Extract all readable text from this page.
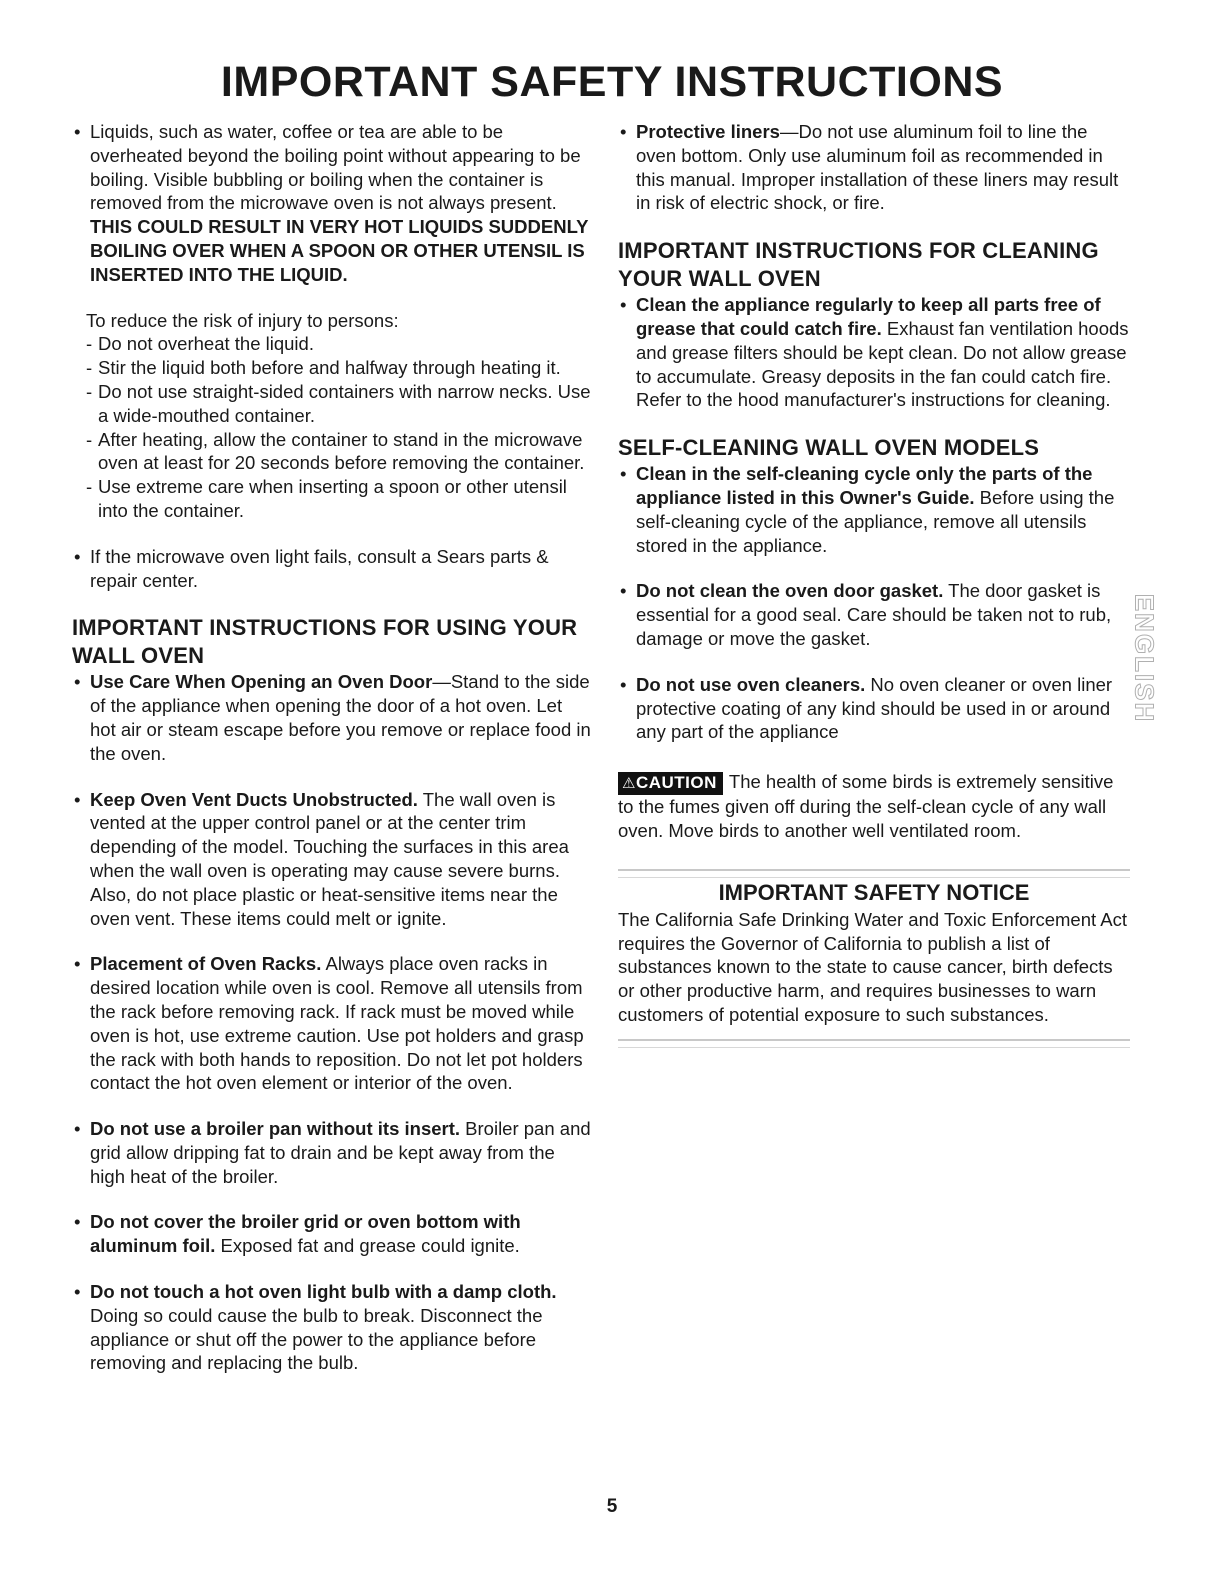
IMPORTANT SAFETY INSTRUCTIONS

• Liquids, such as water, coffee or tea are able to be overheated beyond the boiling point without appearing to be boiling. Visible bubbling or boiling when the container is removed from the microwave oven is not always present. THIS COULD RESULT IN VERY HOT LIQUIDS SUDDENLY BOILING OVER WHEN A SPOON OR OTHER UTENSIL IS INSERTED INTO THE LIQUID.

To reduce the risk of injury to persons:

- Do not overheat the liquid.

- Stir the liquid both before and halfway through heating it.

- Do not use straight-sided containers with narrow necks. Use a wide-mouthed container.

- After heating, allow the container to stand in the microwave oven at least for 20 seconds before removing the container.

- Use extreme care when inserting a spoon or other utensil into the container.

• If the microwave oven light fails, consult a Sears parts & repair center.

IMPORTANT INSTRUCTIONS FOR USING YOUR WALL OVEN

• Use Care When Opening an Oven Door—Stand to the side of the appliance when opening the door of a hot oven. Let hot air or steam escape before you remove or replace food in the oven.

• Keep Oven Vent Ducts Unobstructed. The wall oven is vented at the upper control panel or at the center trim depending of the model. Touching the surfaces in this area when the wall oven is operating may cause severe burns. Also, do not place plastic or heat-sensitive items near the oven vent. These items could melt or ignite.

• Placement of Oven Racks. Always place oven racks in desired location while oven is cool. Remove all utensils from the rack before removing rack. If rack must be moved while oven is hot, use extreme caution. Use pot holders and grasp the rack with both hands to reposition. Do not let pot holders contact the hot oven element or interior of the oven.

• Do not use a broiler pan without its insert. Broiler pan and grid allow dripping fat to drain and be kept away from the high heat of the broiler.

• Do not cover the broiler grid or oven bottom with aluminum foil. Exposed fat and grease could ignite.

• Do not touch a hot oven light bulb with a damp cloth. Doing so could cause the bulb to break. Disconnect the appliance or shut off the power to the appliance before removing and replacing the bulb.

• Protective liners—Do not use aluminum foil to line the oven bottom. Only use aluminum foil as recommended in this manual. Improper installation of these liners may result in risk of electric shock, or fire.

IMPORTANT INSTRUCTIONS FOR CLEANING YOUR WALL OVEN

• Clean the appliance regularly to keep all parts free of grease that could catch fire. Exhaust fan ventilation hoods and grease filters should be kept clean. Do not allow grease to accumulate. Greasy deposits in the fan could catch fire. Refer to the hood manufacturer's instructions for cleaning.

SELF-CLEANING WALL OVEN MODELS

• Clean in the self-cleaning cycle only the parts of the appliance listed in this Owner's Guide. Before using the self-cleaning cycle of the appliance, remove all utensils stored in the appliance.

• Do not clean the oven door gasket. The door gasket is essential for a good seal. Care should be taken not to rub, damage or move the gasket.

• Do not use oven cleaners. No oven cleaner or oven liner protective coating of any kind should be used in or around any part of the appliance

⚠CAUTION The health of some birds is extremely sensitive to the fumes given off during the self-clean cycle of any wall oven. Move birds to another well ventilated room.

IMPORTANT SAFETY NOTICE

The California Safe Drinking Water and Toxic Enforcement Act requires the Governor of California to publish a list of substances known to the state to cause cancer, birth defects or other productive harm, and requires businesses to warn customers of potential exposure to such substances.

ENGLISH
5
